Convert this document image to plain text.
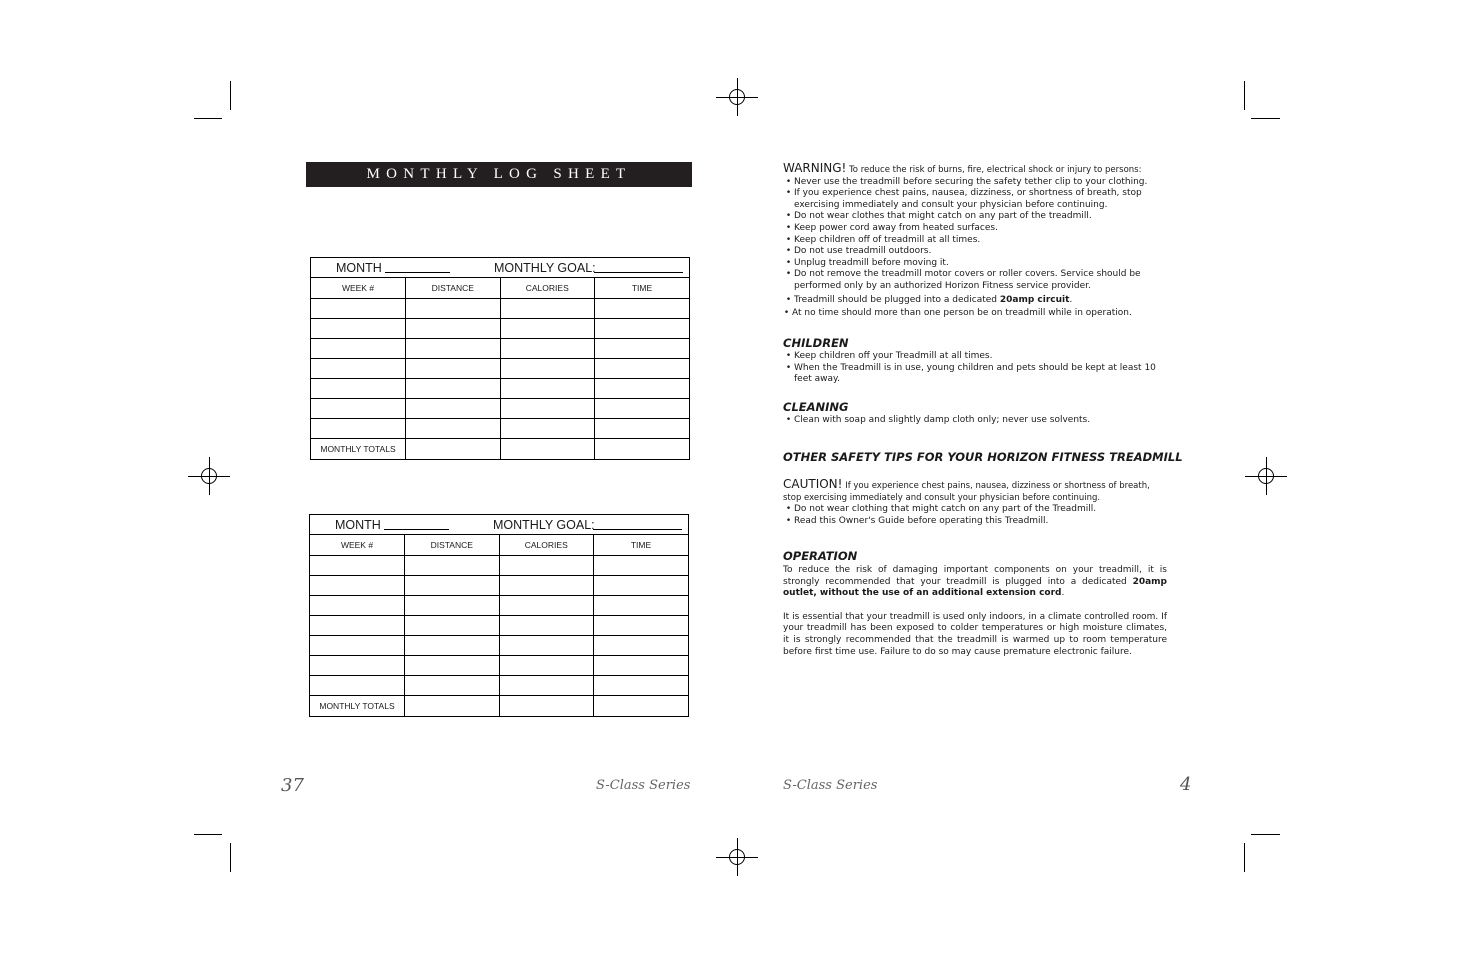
MONTHLY LOG SHEET
MONTH	MONTHLY GOAL:
WEEK #	DISTANCE	CALORIES	TIME

MONTHLY TOTALS			
MONTH	MONTHLY GOAL:
WEEK #	DISTANCE	CALORIES	TIME

MONTHLY TOTALS			
37	S-Class Series
WARNING! To reduce the risk of burns, fire, electrical shock or injury to persons:
• Never use the treadmill before securing the safety tether clip to your clothing.
• If you experience chest pains, nausea, dizziness, or shortness of breath, stop exercising immediately and consult your physician before continuing.
• Do not wear clothes that might catch on any part of the treadmill.
• Keep power cord away from heated surfaces.
• Keep children off of treadmill at all times.
• Do not use treadmill outdoors.
• Unplug treadmill before moving it.
• Do not remove the treadmill motor covers or roller covers. Service should be performed only by an authorized Horizon Fitness service provider.
• Treadmill should be plugged into a dedicated 20amp circuit.
• At no time should more than one person be on treadmill while in operation.
CHILDREN
• Keep children off your Treadmill at all times.
• When the Treadmill is in use, young children and pets should be kept at least 10 feet away.
CLEANING
• Clean with soap and slightly damp cloth only; never use solvents.
OTHER SAFETY TIPS FOR YOUR HORIZON FITNESS TREADMILL
CAUTION! If you experience chest pains, nausea, dizziness or shortness of breath, stop exercising immediately and consult your physician before continuing.
• Do not wear clothing that might catch on any part of the Treadmill.
• Read this Owner's Guide before operating this Treadmill.
OPERATION
To reduce the risk of damaging important components on your treadmill, it is strongly recommended that your treadmill is plugged into a dedicated 20amp outlet, without the use of an additional extension cord.
It is essential that your treadmill is used only indoors, in a climate controlled room. If your treadmill has been exposed to colder temperatures or high moisture climates, it is strongly recommended that the treadmill is warmed up to room temperature before first time use. Failure to do so may cause premature electronic failure.
S-Class Series	4
